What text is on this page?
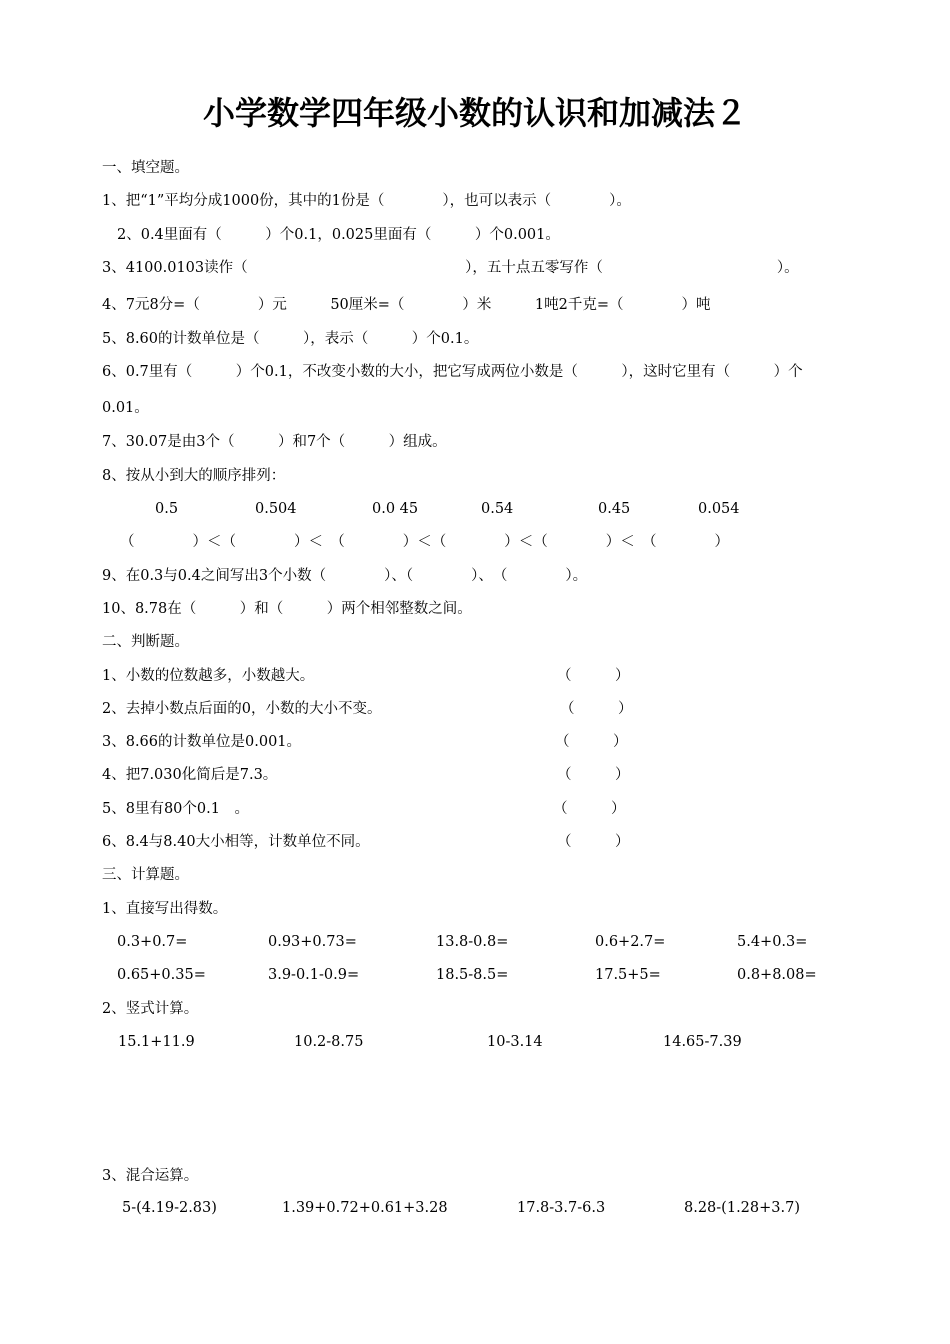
小学数学四年级小数的认识和加减法２
一、填空题。
1、把“1”平均分成1000份，其中的1份是（　　　　），也可以表示（　　　　）。
2、0.4里面有（　　　）个0.1，0.025里面有（　　　）个0.001。
3、4100.0103读作（　　　　　　　　　　　　　　　），五十点五零写作（　　　　　　　　　　　　）。
4、7元8分=（　　　　）元　　　50厘米=（　　　　）米　　　1吨2千克=（　　　　）吨
5、8.60的计数单位是（　　　），表示（　　　）个0.1。
6、0.7里有（　　　）个0.1，不改变小数的大小，把它写成两位小数是（　　　），这时它里有（　　　）个
0.01。
7、30.07是由3个（　　　）和7个（　　　）组成。
8、按从小到大的顺序排列：
0.5	0.504	0.0 45	0.54	0.45	0.054
（　　　　）＜（　　　　）＜　（　　　　）＜（　　　　）＜（　　　　）＜　（　　　　）
9、在0.3与0.4之间写出3个小数（　　　　）、（　　　　）、　（　　　　）。
10、8.78在（　　　）和（　　　）两个相邻整数之间。
二、判断题。
1、小数的位数越多，小数越大。	（　　　）
2、去掉小数点后面的0，小数的大小不变。	（　　　）
3、8.66的计数单位是0.001。	（　　　）
4、把7.030化简后是7.3。	（　　　）
5、8里有80个0.1　。	（　　　）
6、8.4与8.40大小相等，计数单位不同。	（　　　）
三、计算题。
1、直接写出得数。
0.3+0.7=	0.93+0.73=	13.8-0.8=	0.6+2.7=	5.4+0.3=
0.65+0.35=	3.9-0.1-0.9=	18.5-8.5=	17.5+5=	0.8+8.08=
2、竖式计算。
15.1+11.9	10.2-8.75	10-3.14	14.65-7.39
3、混合运算。
5-(4.19-2.83)	1.39+0.72+0.61+3.28	17.8-3.7-6.3	8.28-(1.28+3.7)
